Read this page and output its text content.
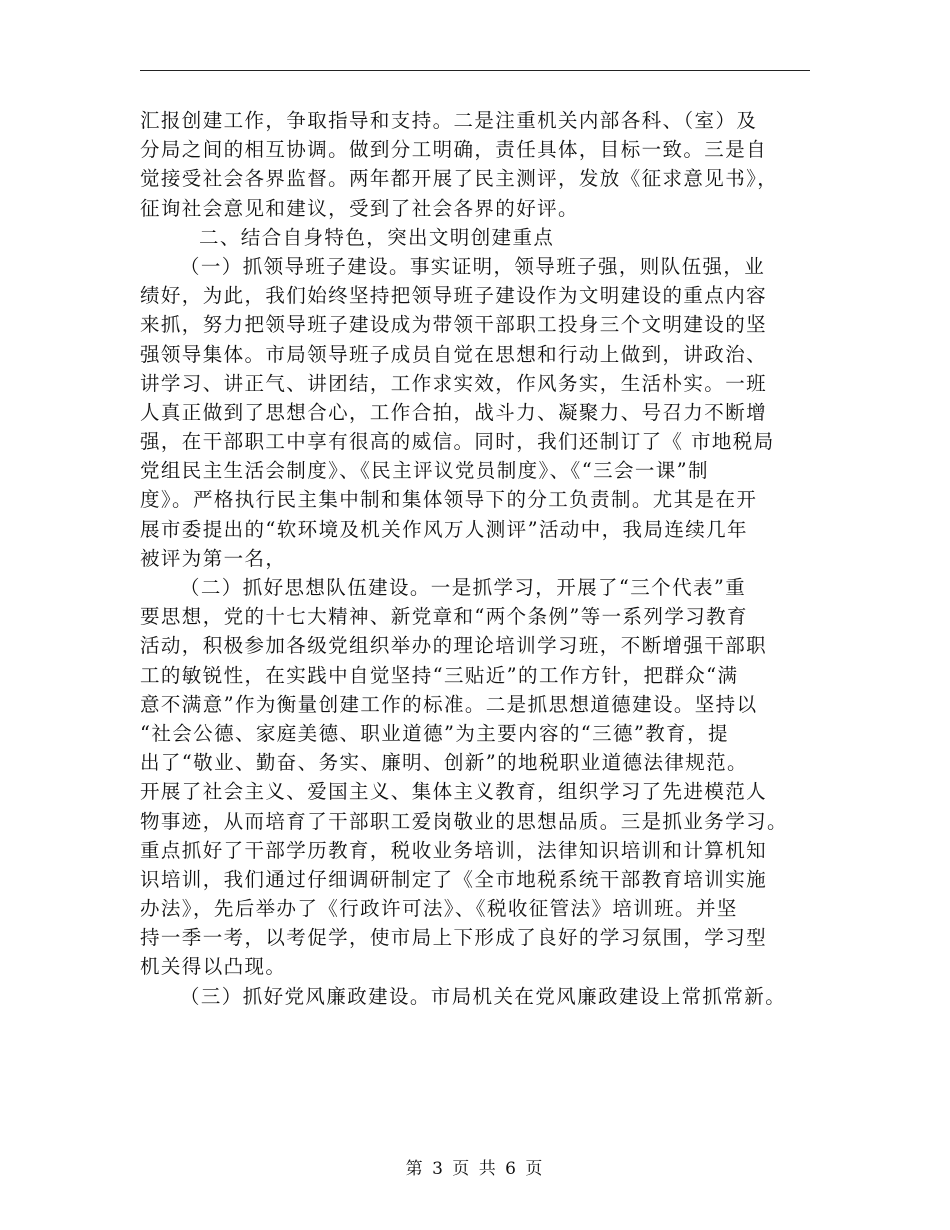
汇报创建工作，争取指导和支持。二是注重机关内部各科、（室）及
分局之间的相互协调。做到分工明确，责任具体，目标一致。三是自
觉接受社会各界监督。两年都开展了民主测评，发放《征求意见书》，
征询社会意见和建议，受到了社会各界的好评。
二、结合自身特色，突出文明创建重点
（一）抓领导班子建设。事实证明，领导班子强，则队伍强，业
绩好，为此，我们始终坚持把领导班子建设作为文明建设的重点内容
来抓，努力把领导班子建设成为带领干部职工投身三个文明建设的坚
强领导集体。市局领导班子成员自觉在思想和行动上做到，讲政治、
讲学习、讲正气、讲团结，工作求实效，作风务实，生活朴实。一班
人真正做到了思想合心，工作合拍，战斗力、凝聚力、号召力不断增
强，在干部职工中享有很高的威信。同时，我们还制订了《 市地税局
党组民主生活会制度》、《民主评议党员制度》、《“三会一课”制
度》。严格执行民主集中制和集体领导下的分工负责制。尤其是在开
展市委提出的“软环境及机关作风万人测评”活动中，我局连续几年
被评为第一名，
（二）抓好思想队伍建设。一是抓学习，开展了“三个代表”重
要思想，党的十七大精神、新党章和“两个条例”等一系列学习教育
活动，积极参加各级党组织举办的理论培训学习班，不断增强干部职
工的敏锐性，在实践中自觉坚持“三贴近”的工作方针，把群众“满
意不满意”作为衡量创建工作的标准。二是抓思想道德建设。坚持以
“社会公德、家庭美德、职业道德”为主要内容的“三德”教育，提
出了“敬业、勤奋、务实、廉明、创新”的地税职业道德法律规范。
开展了社会主义、爱国主义、集体主义教育，组织学习了先进模范人
物事迹，从而培育了干部职工爱岗敬业的思想品质。三是抓业务学习。
重点抓好了干部学历教育，税收业务培训，法律知识培训和计算机知
识培训，我们通过仔细调研制定了《全市地税系统干部教育培训实施
办法》，先后举办了《行政许可法》、《税收征管法》培训班。并坚
持一季一考，以考促学，使市局上下形成了良好的学习氛围，学习型
机关得以凸现。
（三）抓好党风廉政建设。市局机关在党风廉政建设上常抓常新。
第 3 页 共 6 页
